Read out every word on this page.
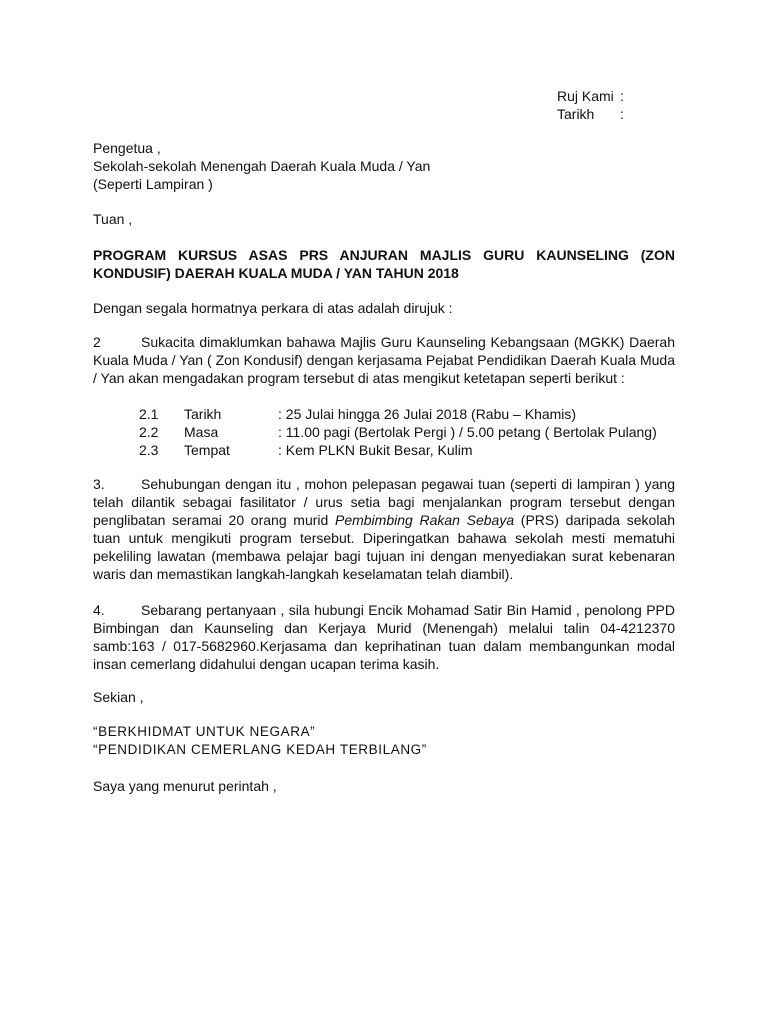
Ruj Kami :
Tarikh :
Pengetua ,
Sekolah-sekolah Menengah Daerah Kuala Muda / Yan
(Seperti Lampiran )
Tuan ,
PROGRAM KURSUS ASAS PRS ANJURAN MAJLIS GURU KAUNSELING (ZON KONDUSIF) DAERAH KUALA MUDA / YAN TAHUN 2018
Dengan segala hormatnya perkara di atas adalah dirujuk :
2	Sukacita dimaklumkan bahawa Majlis Guru Kaunseling Kebangsaan (MGKK) Daerah Kuala Muda / Yan ( Zon Kondusif) dengan kerjasama Pejabat Pendidikan Daerah Kuala Muda / Yan akan mengadakan program tersebut di atas mengikut ketetapan seperti berikut :
2.1 Tarikh	: 25 Julai hingga 26 Julai 2018 (Rabu – Khamis)
2.2 Masa	: 11.00 pagi (Bertolak Pergi ) / 5.00 petang ( Bertolak Pulang)
2.3 Tempat	: Kem PLKN Bukit Besar, Kulim
3.	Sehubungan dengan itu , mohon pelepasan pegawai tuan (seperti di lampiran ) yang telah dilantik sebagai fasilitator / urus setia bagi menjalankan program tersebut dengan penglibatan seramai 20 orang murid Pembimbing Rakan Sebaya (PRS) daripada sekolah tuan untuk mengikuti program tersebut. Diperingatkan bahawa sekolah mesti mematuhi pekeliling lawatan (membawa pelajar bagi tujuan ini dengan menyediakan surat kebenaran waris dan memastikan langkah-langkah keselamatan telah diambil).
4.	Sebarang pertanyaan , sila hubungi Encik Mohamad Satir Bin Hamid , penolong PPD Bimbingan dan Kaunseling dan Kerjaya Murid (Menengah) melalui talin 04-4212370 samb:163 / 017-5682960.Kerjasama dan keprihatinan tuan dalam membangunkan modal insan cemerlang didahului dengan ucapan terima kasih.
Sekian ,
“BERKHIDMAT UNTUK NEGARA”
“PENDIDIKAN CEMERLANG KEDAH TERBILANG”
Saya yang menurut perintah ,
